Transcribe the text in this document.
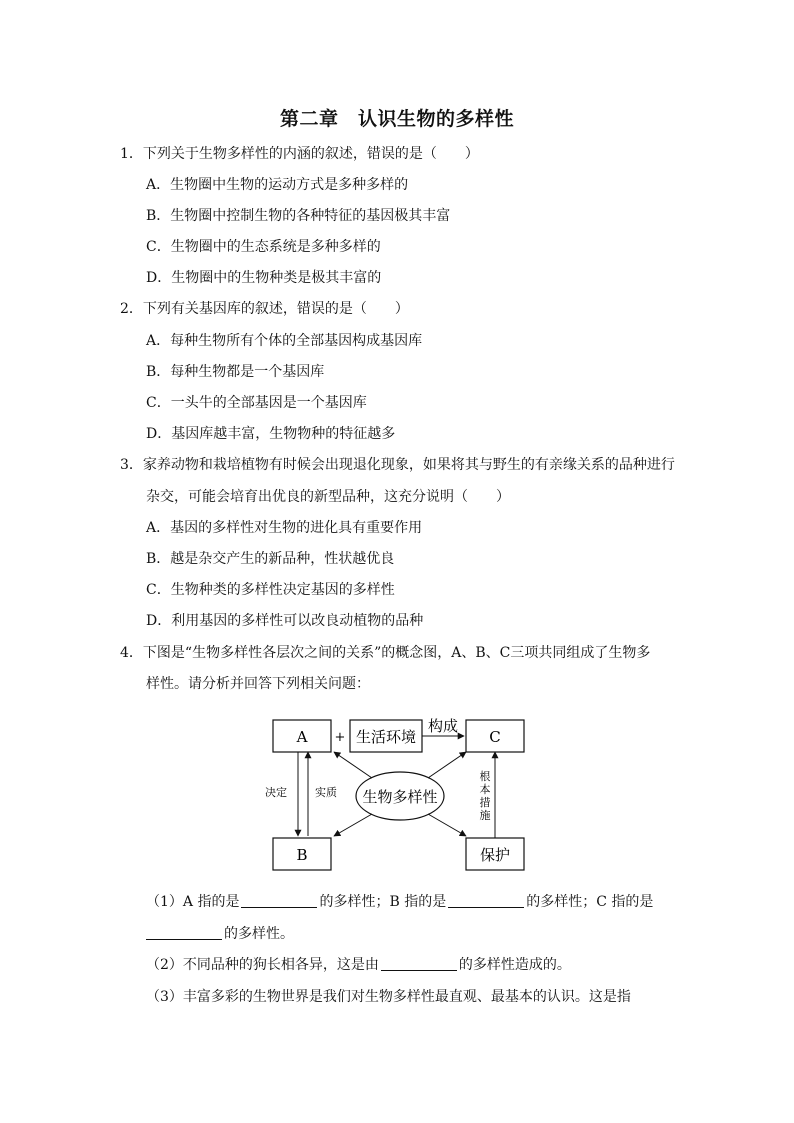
第二章　认识生物的多样性
1．下列关于生物多样性的内涵的叙述，错误的是（　　）
A．生物圈中生物的运动方式是多种多样的
B．生物圈中控制生物的各种特征的基因极其丰富
C．生物圈中的生态系统是多种多样的
D．生物圈中的生物种类是极其丰富的
2．下列有关基因库的叙述，错误的是（　　）
A．每种生物所有个体的全部基因构成基因库
B．每种生物都是一个基因库
C．一头牛的全部基因是一个基因库
D．基因库越丰富，生物物种的特征越多
3．家养动物和栽培植物有时候会出现退化现象，如果将其与野生的有亲缘关系的品种进行
杂交，可能会培育出优良的新型品种，这充分说明（　　）
A．基因的多样性对生物的进化具有重要作用
B．越是杂交产生的新品种，性状越优良
C．生物种类的多样性决定基因的多样性
D．利用基因的多样性可以改良动植物的品种
4．下图是“生物多样性各层次之间的关系”的概念图，A、B、C三项共同组成了生物多
样性。请分析并回答下列相关问题：
A + 生活环境
构成
C
决定	实质 生物多样性
B	保护
根
本
措
施
（1）A 指的是	的多样性；B 指的是	的多样性；C 指的是
的多样性。
（2）不同品种的狗长相各异，这是由	的多样性造成的。
（3）丰富多彩的生物世界是我们对生物多样性最直观、最基本的认识。这是指
